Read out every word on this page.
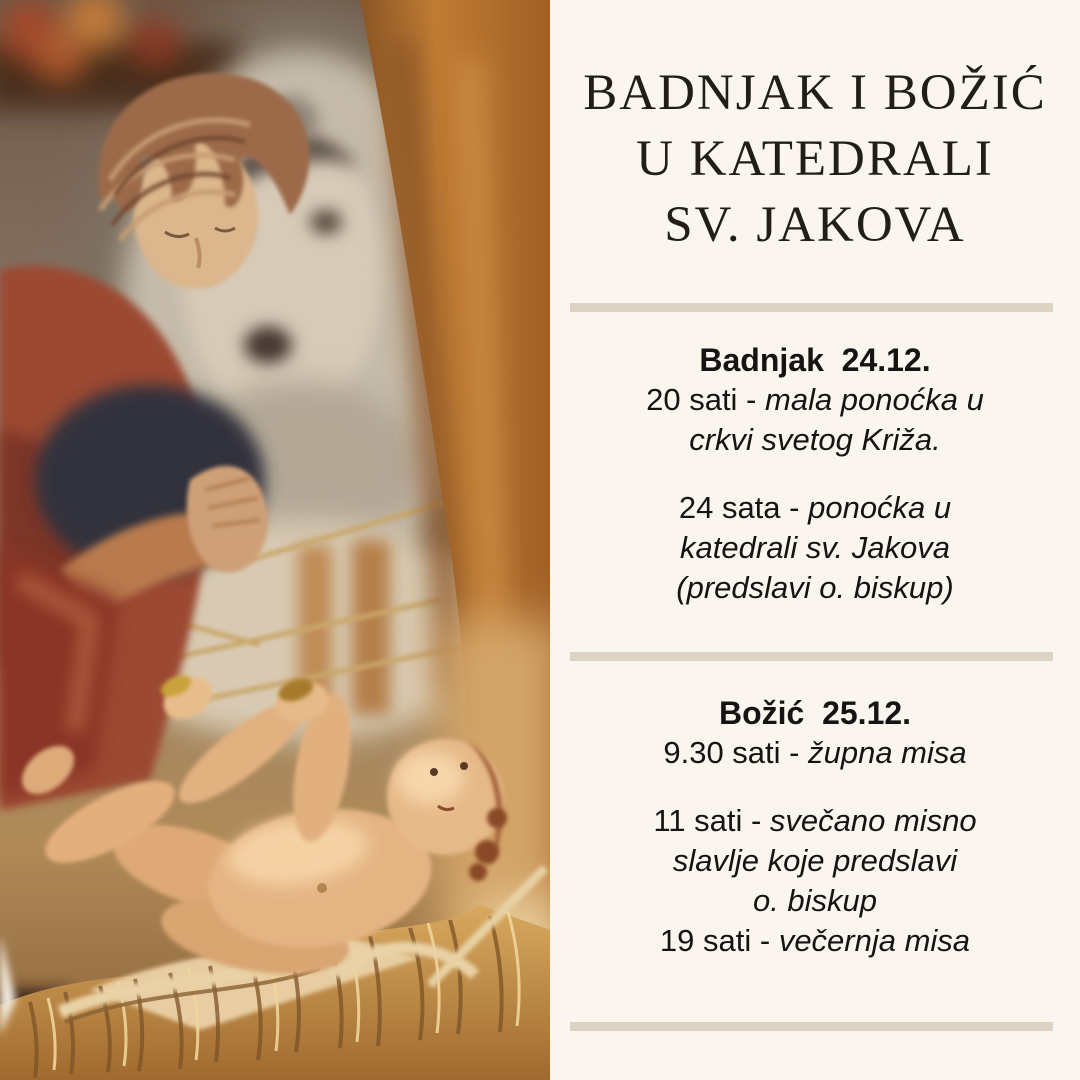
BADNJAK I BOŽIĆ
U KATEDRALI
SV. JAKOVA
Badnjak  24.12.
20 sati - mala ponoćka u
crkvi svetog Križa.
24 sata - ponoćka u
katedrali sv. Jakova
(predslavi o. biskup)
Božić  25.12.
9.30 sati - župna misa
11 sati - svečano misno
slavlje koje predslavi
o. biskup
19 sati - večernja misa
